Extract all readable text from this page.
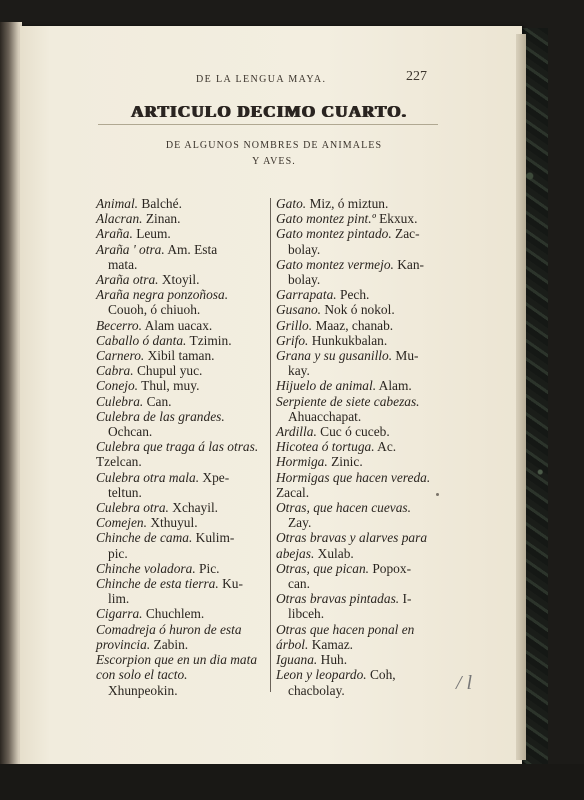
DE LA LENGUA MAYA.	227
ARTICULO DECIMO CUARTO.
DE ALGUNOS NOMBRES DE ANIMALES
Y AVES.
Animal. Balché.
Alacran. Zinan.
Araña. Leum.
Araña ' otra. Am. Esta
mata.
Araña otra. Xtoyil.
Araña negra ponzoñosa.
Couoh, ó chiuoh.
Becerro. Alam uacax.
Caballo ó danta. Tzimin.
Carnero. Xibil taman.
Cabra. Chupul yuc.
Conejo. Thul, muy.
Culebra. Can.
Culebra de las grandes.
Ochcan.
Culebra que traga á las otras. Tzelcan.
Culebra otra mala. Xpe-
teltun.
Culebra otra. Xchayil.
Comejen. Xthuyul.
Chinche de cama. Kulim-
pic.
Chinche voladora. Pic.
Chinche de esta tierra. Ku-
lim.
Cigarra. Chuchlem.
Comadreja ó huron de esta provincia. Zabin.
Escorpion que en un dia mata con solo el tacto.
Xhunpeokin.
Gato. Miz, ó miztun.
Gato montez pint.º Ekxux.
Gato montez pintado. Zac-
bolay.
Gato montez vermejo. Kan-
bolay.
Garrapata. Pech.
Gusano. Nok ó nokol.
Grillo. Maaz, chanab.
Grifo. Hunkukbalan.
Grana y su gusanillo. Mu-
kay.
Hijuelo de animal. Alam.
Serpiente de siete cabezas.
Ahuacchapat.
Ardilla. Cuc ó cuceb.
Hicotea ó tortuga. Ac.
Hormiga. Zinic.
Hormigas que hacen vereda. Zacal.
Otras, que hacen cuevas.
Zay.
Otras bravas y alarves para abejas. Xulab.
Otras, que pican. Popox-
can.
Otras bravas pintadas. I-
libceh.
Otras que hacen ponal en árbol. Kamaz.
Iguana. Huh.
Leon y leopardo. Coh,
chacbolay.	/ l
